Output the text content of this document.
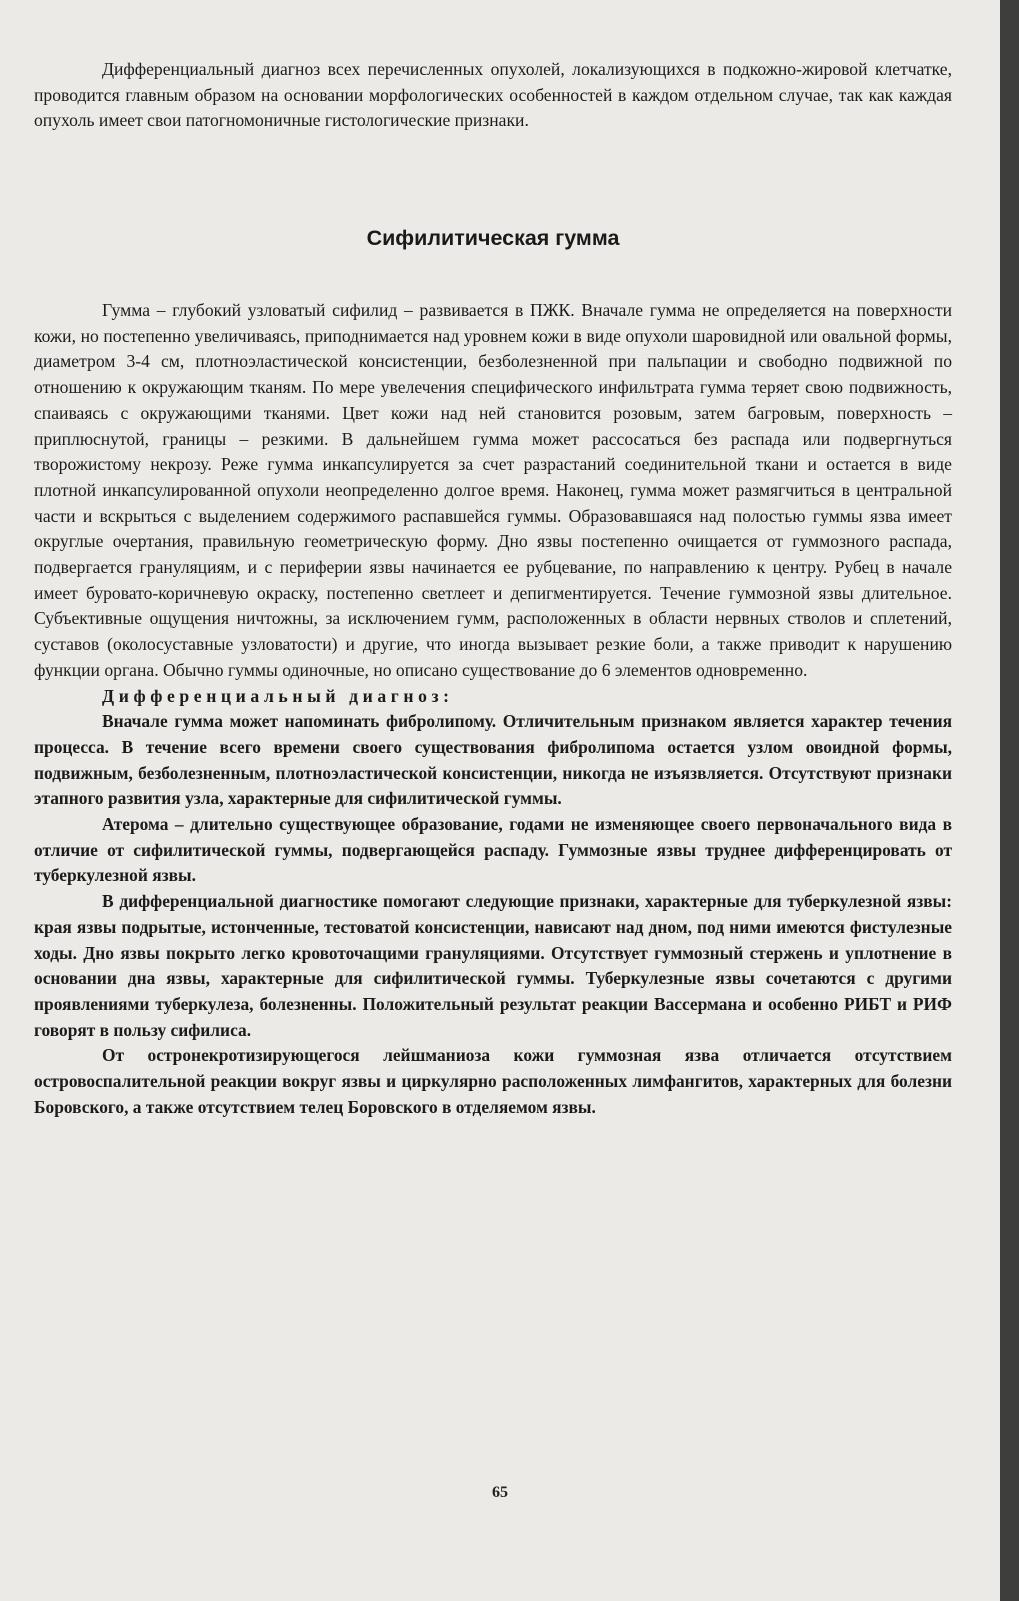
Дифференциальный диагноз всех перечисленных опухолей, локализующихся в подкожно-жировой клетчатке, проводится главным образом на основании морфологических особенностей в каждом отдельном случае, так как каждая опухоль имеет свои патогномоничные гистологические признаки.

Сифилитическая гумма

Гумма – глубокий узловатый сифилид – развивается в ПЖК. Вначале гумма не определяется на поверхности кожи, но постепенно увеличиваясь, приподнимается над уровнем кожи в виде опухоли шаровидной или овальной формы, диаметром 3-4 см, плотноэластической консистенции, безболезненной при пальпации и свободно подвижной по отношению к окружающим тканям. По мере увелечения специфического инфильтрата гумма теряет свою подвижность, спаиваясь с окружающими тканями. Цвет кожи над ней становится розовым, затем багровым, поверхность – приплюснутой, границы – резкими. В дальнейшем гумма может рассосаться без распада или подвергнуться творожистому некрозу. Реже гумма инкапсулируется за счет разрастаний соединительной ткани и остается в виде плотной инкапсулированной опухоли неопределенно долгое время. Наконец, гумма может размягчиться в центральной части и вскрыться с выделением содержимого распавшейся гуммы. Образовавшаяся над полостью гуммы язва имеет округлые очертания, правильную геометрическую форму. Дно язвы постепенно очищается от гуммозного распада, подвергается грануляциям, и с периферии язвы начинается ее рубцевание, по направлению к центру. Рубец в начале имеет буровато-коричневую окраску, постепенно светлеет и депигментируется. Течение гуммозной язвы длительное. Субъективные ощущения ничтожны, за исключением гумм, расположенных в области нервных стволов и сплетений, суставов (околосуставные узловатости) и другие, что иногда вызывает резкие боли, а также приводит к нарушению функции органа. Обычно гуммы одиночные, но описано существование до 6 элементов одновременно.

Дифференциальный диагноз:

Вначале гумма может напоминать фибролипому. Отличительным признаком является характер течения процесса. В течение всего времени своего существования фибролипома остается узлом овоидной формы, подвижным, безболезненным, плотноэластической консистенции, никогда не изъязвляется. Отсутствуют признаки этапного развития узла, характерные для сифилитической гуммы.

Атерома – длительно существующее образование, годами не изменяющее своего первоначального вида в отличие от сифилитической гуммы, подвергающейся распаду. Гуммозные язвы труднее дифференцировать от туберкулезной язвы.

В дифференциальной диагностике помогают следующие признаки, характерные для туберкулезной язвы: края язвы подрытые, истонченные, тестоватой консистенции, нависают над дном, под ними имеются фистулезные ходы. Дно язвы покрыто легко кровоточащими грануляциями. Отсутствует гуммозный стержень и уплотнение в основании дна язвы, характерные для сифилитической гуммы. Туберкулезные язвы сочетаются с другими проявлениями туберкулеза, болезненны. Положительный результат реакции Вассермана и особенно РИБТ и РИФ говорят в пользу сифилиса.

От остронекротизирующегося лейшманиоза кожи гуммозная язва отличается отсутствием островоспалительной реакции вокруг язвы и циркулярно расположенных лимфангитов, характерных для болезни Боровского, а также отсутствием телец Боровского в отделяемом язвы.

65
